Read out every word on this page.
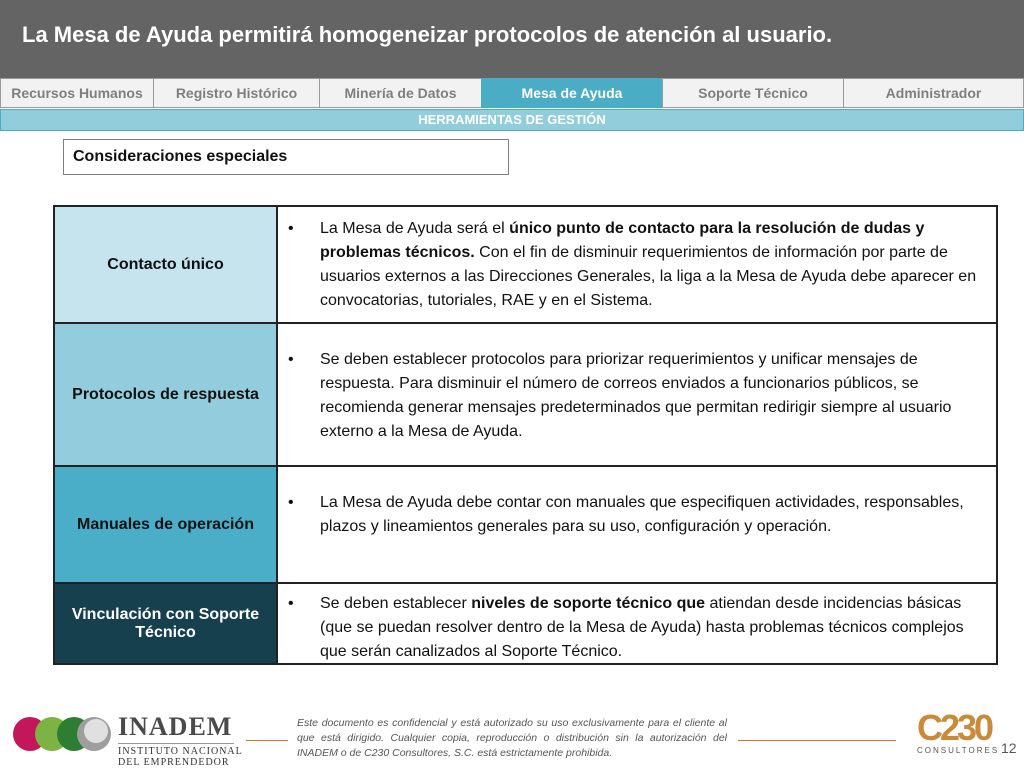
La Mesa de Ayuda permitirá homogeneizar protocolos de atención al usuario.
Recursos Humanos	Registro Histórico	Minería de Datos	Mesa de Ayuda	Soporte Técnico	Administrador
HERRAMIENTAS DE GESTIÓN
Consideraciones especiales
Contacto único
• La Mesa de Ayuda será el único punto de contacto para la resolución de dudas y problemas técnicos. Con el fin de disminuir requerimientos de información por parte de usuarios externos a las Direcciones Generales, la liga a la Mesa de Ayuda debe aparecer en convocatorias, tutoriales, RAE y en el Sistema.
Protocolos de respuesta
• Se deben establecer protocolos para priorizar requerimientos y unificar mensajes de respuesta. Para disminuir el número de correos enviados a funcionarios públicos, se recomienda generar mensajes predeterminados que permitan redirigir siempre al usuario externo a la Mesa de Ayuda.
Manuales de operación
• La Mesa de Ayuda debe contar con manuales que especifiquen actividades, responsables, plazos y lineamientos generales para su uso, configuración y operación.
Vinculación con Soporte Técnico
• Se deben establecer niveles de soporte técnico que atiendan desde incidencias básicas (que se puedan resolver dentro de la Mesa de Ayuda) hasta problemas técnicos complejos que serán canalizados al Soporte Técnico.
INADEM
INSTITUTO NACIONAL
DEL EMPRENDEDOR
Este documento es confidencial y está autorizado su uso exclusivamente para el cliente al que está dirigido. Cualquier copia, reproducción o distribución sin la autorización del INADEM o de C230 Consultores, S.C. está estrictamente prohibida.
C230
CONSULTORES 12
